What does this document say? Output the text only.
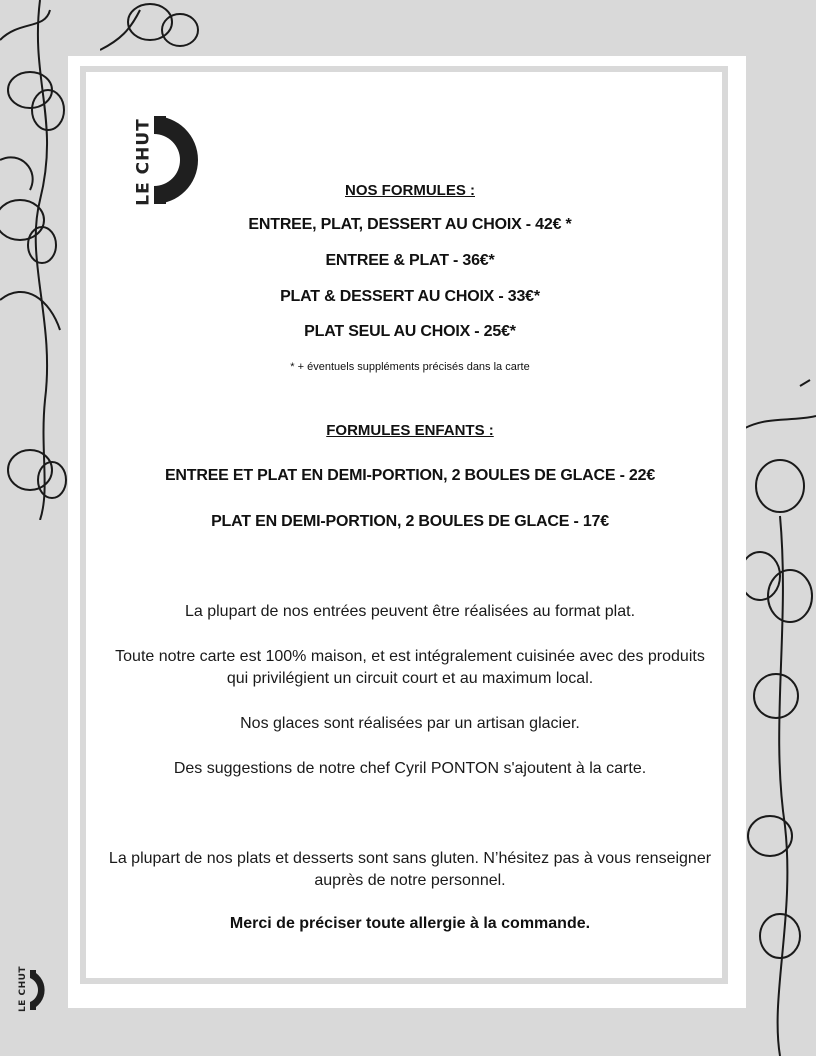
LE CHUT	NOS FORMULES :
ENTREE, PLAT, DESSERT AU CHOIX - 42€ *
ENTREE & PLAT - 36€*
PLAT & DESSERT AU CHOIX - 33€*
PLAT SEUL AU CHOIX - 25€*
* + éventuels suppléments précisés dans la carte
FORMULES ENFANTS :
ENTREE ET PLAT EN DEMI-PORTION, 2 BOULES DE GLACE - 22€
PLAT EN DEMI-PORTION, 2 BOULES DE GLACE - 17€
La plupart de nos entrées peuvent être réalisées au format plat.
Toute notre carte est 100% maison, et est intégralement cuisinée avec des produits qui privilégient un circuit court et au maximum local.
Nos glaces sont réalisées par un artisan glacier.
Des suggestions de notre chef Cyril PONTON s'ajoutent à la carte.
La plupart de nos plats et desserts sont sans gluten. N’hésitez pas à vous renseigner auprès de notre personnel.
Merci de préciser toute allergie à la commande.
LE CHUT
